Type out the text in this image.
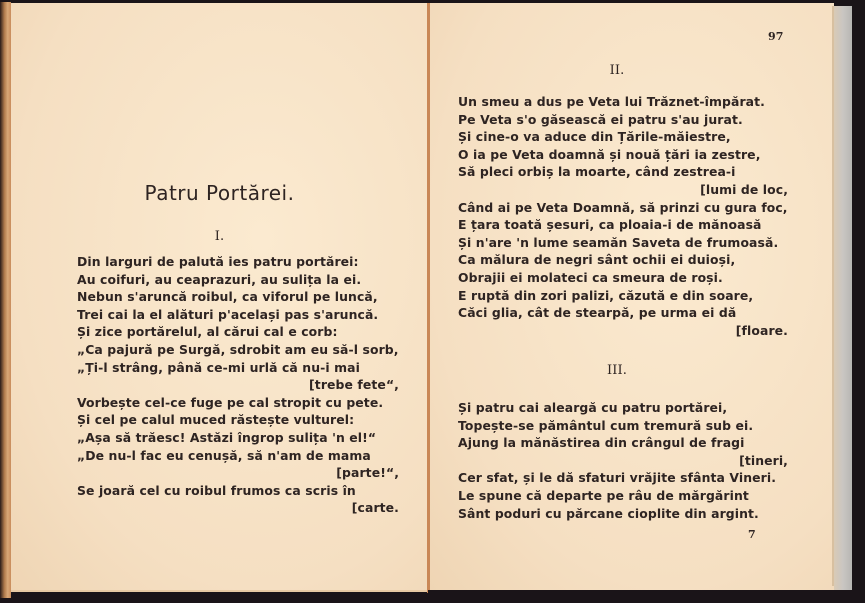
Patru Portărei.
I.
Din larguri de palută ies patru portărei:
Au coifuri, au ceaprazuri, au sulița la ei.
Nebun s'aruncă roibul, ca viforul pe luncă,
Trei cai la el alături p'același pas s'aruncă.
Și zice portărelul, al cărui cal e corb:
„Ca pajură pe Surgă, sdrobit am eu să-l sorb,
„Ți-l strâng, până ce-mi urlă că nu-i mai
[trebe fete“,
Vorbește cel-ce fuge pe cal stropit cu pete.
Și cel pe calul muced răstește vulturel:
„Așa să trăesc! Astăzi îngrop sulița 'n el!“
„De nu-l fac eu cenușă, să n'am de mama
[parte!“,
Se joară cel cu roibul frumos ca scris în
[carte.
97
II.
Un smeu a dus pe Veta lui Trăznet-împărat.
Pe Veta s'o găsească ei patru s'au jurat.
Și cine-o va aduce din Țările-măiestre,
O ia pe Veta doamnă și nouă țări ia zestre,
Să pleci orbiș la moarte, când zestrea-i
[lumi de loc,
Când ai pe Veta Doamnă, să prinzi cu gura foc,
E țara toată șesuri, ca ploaia-i de mănoasă
Și n'are 'n lume seamăn Saveta de frumoasă.
Ca mălura de negri sânt ochii ei duioși,
Obrajii ei molateci ca smeura de roși.
E ruptă din zori palizi, căzută e din soare,
Căci glia, cât de stearpă, pe urma ei dă
[floare.
III.
Și patru cai aleargă cu patru portărei,
Topește-se pământul cum tremură sub ei.
Ajung la mănăstirea din crângul de fragi
[tineri,
Cer sfat, și le dă sfaturi vrăjite sfânta Vineri.
Le spune că departe pe râu de mărgărint
Sânt poduri cu părcane cioplite din argint.
7
